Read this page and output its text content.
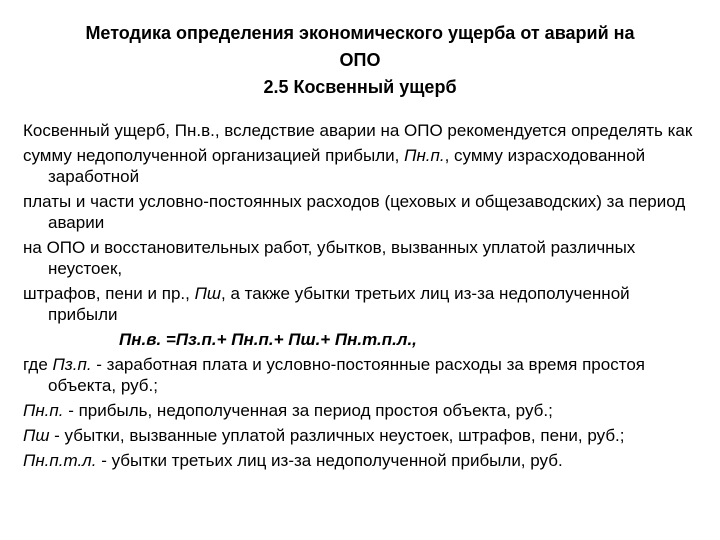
Методика определения экономического ущерба от аварий на
ОПО
2.5 Косвенный ущерб

Косвенный ущерб, Пн.в., вследствие аварии на ОПО рекомендуется определять как

сумму недополученной организацией прибыли, Пн.п., сумму израсходованной заработной

платы и части условно-постоянных расходов (цеховых и общезаводских) за период аварии

на ОПО и восстановительных работ, убытков, вызванных уплатой различных неустоек,

штрафов, пени и пр., Пш, а также убытки третьих лиц из-за недополученной прибыли

Пн.в. =Пз.п.+ Пн.п.+ Пш.+ Пн.т.п.л.,

где Пз.п. - заработная плата и условно-постоянные расходы за время простоя объекта, руб.;

Пн.п. - прибыль, недополученная за период простоя объекта, руб.;

Пш - убытки, вызванные уплатой различных неустоек, штрафов, пени, руб.;

Пн.п.т.л. - убытки третьих лиц из-за недополученной прибыли, руб.
